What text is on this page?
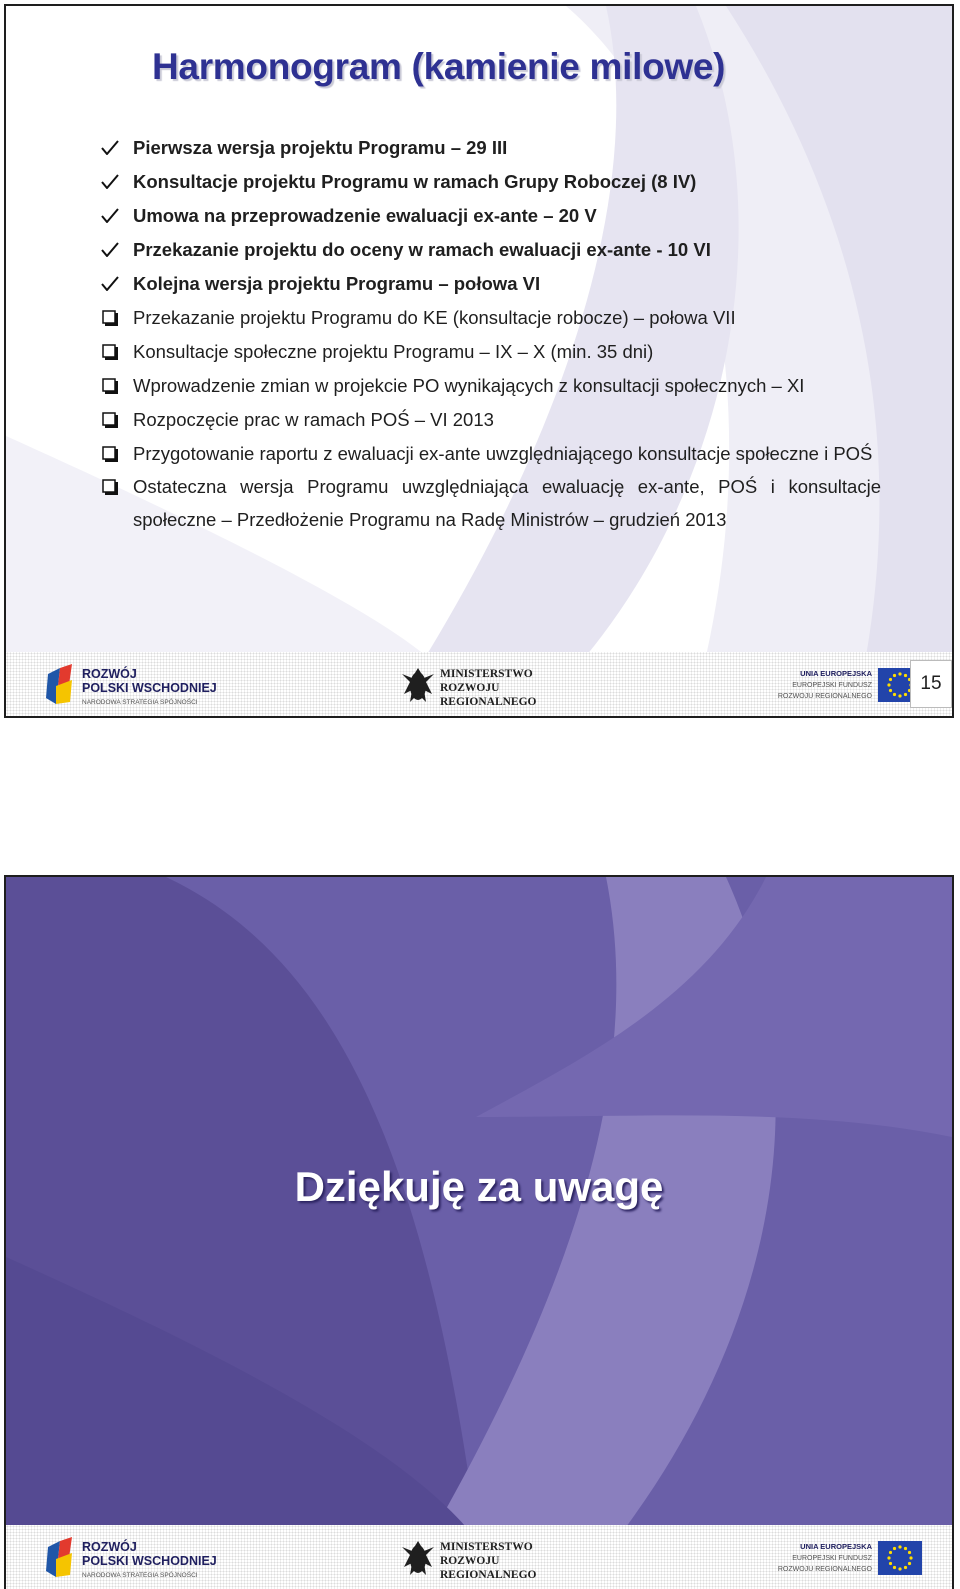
Harmonogram (kamienie milowe)
Pierwsza wersja projektu Programu – 29 III
Konsultacje projektu Programu w ramach Grupy Roboczej (8 IV)
Umowa na przeprowadzenie ewaluacji ex-ante – 20 V
Przekazanie projektu do oceny w ramach ewaluacji ex-ante - 10 VI
Kolejna wersja projektu Programu – połowa VI
Przekazanie projektu Programu do KE (konsultacje robocze) – połowa VII
Konsultacje społeczne projektu Programu – IX – X (min. 35 dni)
Wprowadzenie zmian w projekcie PO wynikających z konsultacji społecznych – XI
Rozpoczęcie prac w ramach POŚ – VI 2013
Przygotowanie raportu z ewaluacji ex-ante uwzględniającego konsultacje społeczne i POŚ
Ostateczna wersja Programu uwzględniająca ewaluację ex-ante, POŚ i konsultacje społeczne – Przedłożenie Programu na Radę Ministrów – grudzień 2013
ROZWÓJ
POLSKI WSCHODNIEJ
NARODOWA STRATEGIA SPÓJNOŚCI
MINISTERSTWO
ROZWOJU
REGIONALNEGO
UNIA EUROPEJSKA
EUROPEJSKI FUNDUSZ
ROZWOJU REGIONALNEGO
15
Dziękuję za uwagę
ROZWÓJ
POLSKI WSCHODNIEJ
NARODOWA STRATEGIA SPÓJNOŚCI
MINISTERSTWO
ROZWOJU
REGIONALNEGO
UNIA EUROPEJSKA
EUROPEJSKI FUNDUSZ
ROZWOJU REGIONALNEGO
